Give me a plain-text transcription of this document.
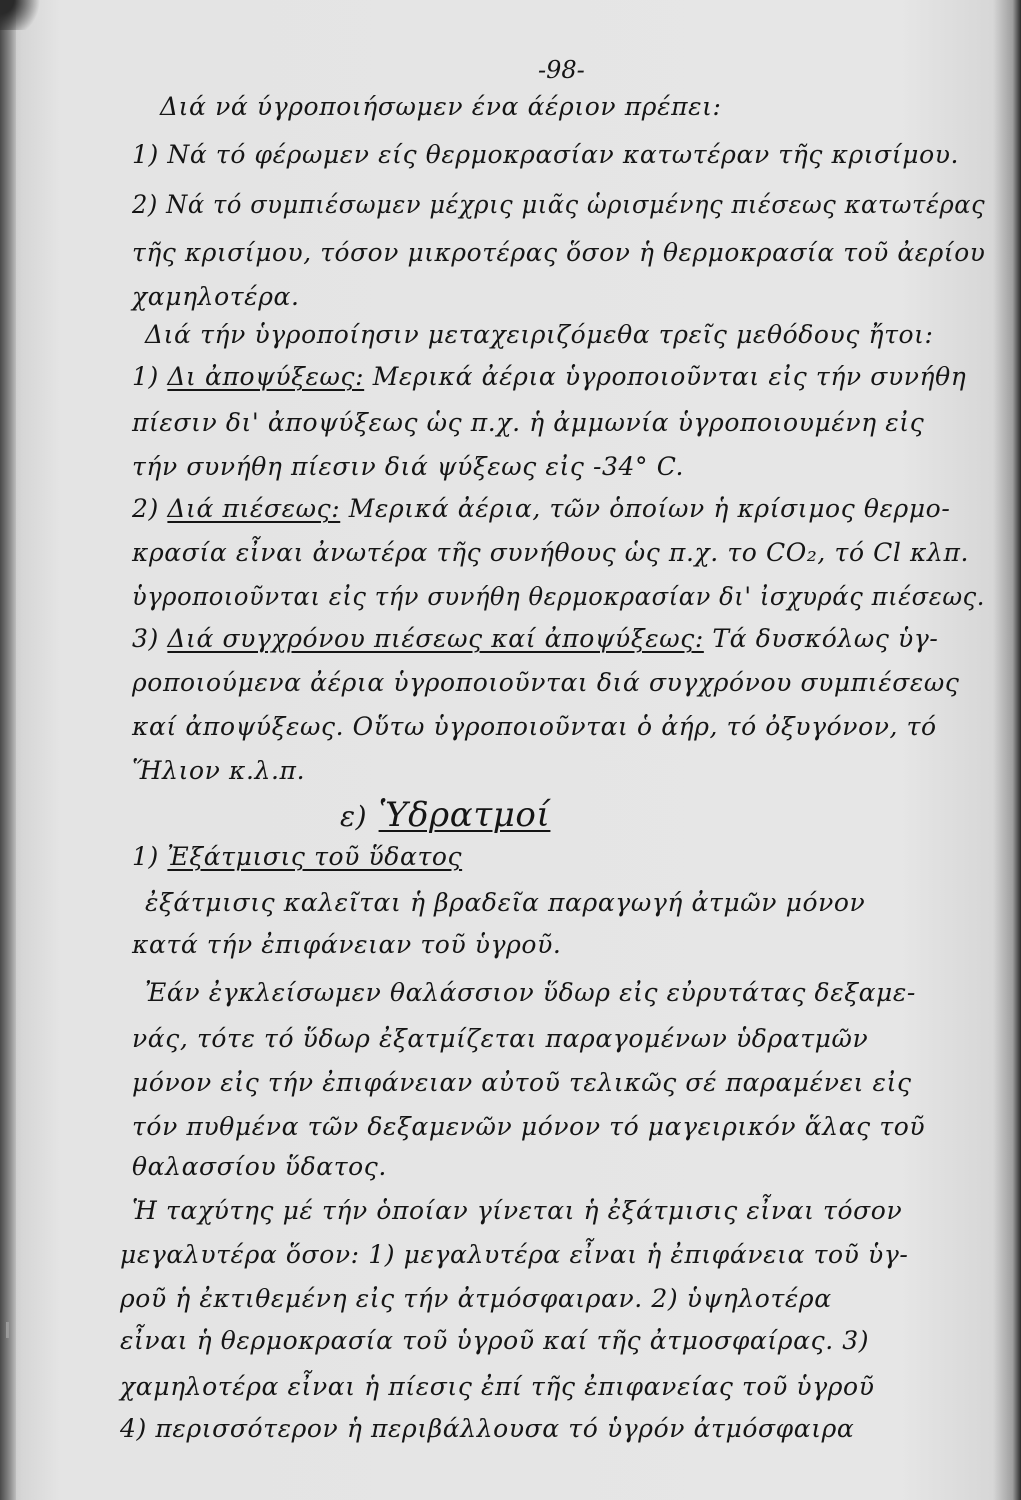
-98-
Διά νά ύγροποιήσωμεν ένα άέριον πρέπει:
1) Νά τό φέρωμεν είς θερμοκρασίαν κατωτέραν τῆς κρισίμου.
2) Νά τό συμπιέσωμεν μέχρις μιᾶς ὡρισμένης πιέσεως κατωτέρας
τῆς κρισίμου, τόσον μικροτέρας ὅσον ἡ θερμοκρασία τοῦ ἀερίου
χαμηλοτέρα.
Διά τήν ὑγροποίησιν μεταχειριζόμεθα τρεῖς μεθόδους ἤτοι:
1) Δι ἀποψύξεως: Μερικά ἀέρια ὑγροποιοῦνται εἰς τήν συνήθη
πίεσιν δι' ἀποψύξεως ὡς π.χ. ἡ ἀμμωνία ὑγροποιουμένη εἰς
τήν συνήθη πίεσιν διά ψύξεως εἰς -34° C.
2) Διά πιέσεως: Μερικά ἀέρια, τῶν ὁποίων ἡ κρίσιμος θερμο-
κρασία εἶναι ἀνωτέρα τῆς συνήθους ὡς π.χ. το CO₂, τό Cl κλπ.
ὑγροποιοῦνται εἰς τήν συνήθη θερμοκρασίαν δι' ἰσχυράς πιέσεως.
3) Διά συγχρόνου πιέσεως καί ἀποψύξεως: Τά δυσκόλως ὑγ-
ροποιούμενα ἀέρια ὑγροποιοῦνται διά συγχρόνου συμπιέσεως
καί ἀποψύξεως. Οὕτω ὑγροποιοῦνται ὁ ἀήρ, τό ὀξυγόνον, τό
Ἥλιον κ.λ.π.
ε) Ὑδρατμοί
1) Ἐξάτμισις τοῦ ὕδατος
ἐξάτμισις καλεῖται ἡ βραδεῖα παραγωγή ἀτμῶν μόνον
κατά τήν ἐπιφάνειαν τοῦ ὑγροῦ.
Ἐάν ἐγκλείσωμεν θαλάσσιον ὕδωρ εἰς εὐρυτάτας δεξαμε-
νάς, τότε τό ὕδωρ ἐξατμίζεται παραγομένων ὑδρατμῶν
μόνον εἰς τήν ἐπιφάνειαν αὐτοῦ τελικῶς σέ παραμένει εἰς
τόν πυθμένα τῶν δεξαμενῶν μόνον τό μαγειρικόν ἅλας τοῦ
θαλασσίου ὕδατος.
Ἡ ταχύτης μέ τήν ὁποίαν γίνεται ἡ ἐξάτμισις εἶναι τόσον
μεγαλυτέρα ὅσον: 1) μεγαλυτέρα εἶναι ἡ ἐπιφάνεια τοῦ ὑγ-
ροῦ ἡ ἐκτιθεμένη εἰς τήν ἀτμόσφαιραν. 2) ὑψηλοτέρα
εἶναι ἡ θερμοκρασία τοῦ ὑγροῦ καί τῆς ἀτμοσφαίρας. 3)
χαμηλοτέρα εἶναι ἡ πίεσις ἐπί τῆς ἐπιφανείας τοῦ ὑγροῦ
4) περισσότερον ἡ περιβάλλουσα τό ὑγρόν ἀτμόσφαιρα
